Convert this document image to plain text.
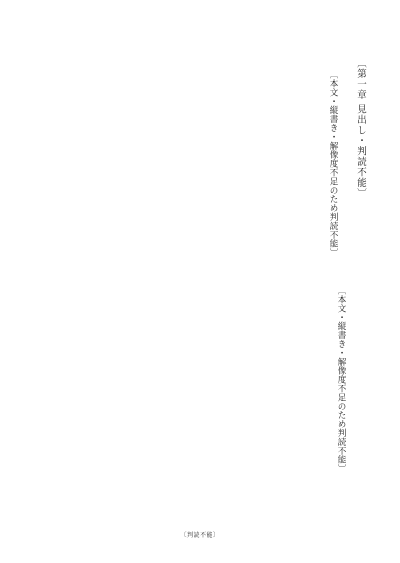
〔第一章 見出し・判読不能〕
〔本文・縦書き・解像度不足のため判読不能〕
〔本文・縦書き・解像度不足のため判読不能〕
〔判読不能〕
